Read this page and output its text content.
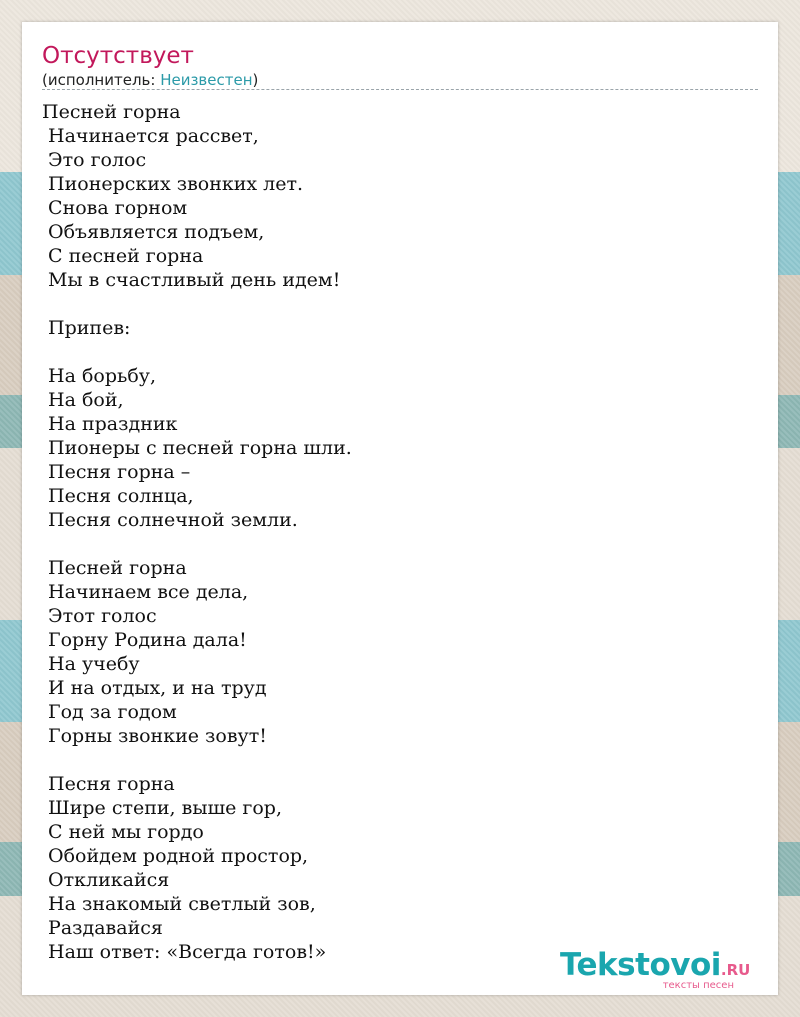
Отсутствует
(исполнитель: Неизвестен)
Песней горна
Начинается рассвет,
Это голос
Пионерских звонких лет.
Снова горном
Объявляется подъем,
С песней горна
Мы в счастливый день идем!
Припев:
На борьбу,
На бой,
На праздник
Пионеры с песней горна шли.
Песня горна –
Песня солнца,
Песня солнечной земли.
Песней горна
Начинаем все дела,
Этот голос
Горну Родина дала!
На учебу
И на отдых, и на труд
Год за годом
Горны звонкие зовут!
Песня горна
Шире степи, выше гор,
С ней мы гордо
Обойдем родной простор,
Откликайся
На знакомый светлый зов,
Раздавайся
Наш ответ: «Всегда готов!»	Tekstovoi.RU
тексты песен
